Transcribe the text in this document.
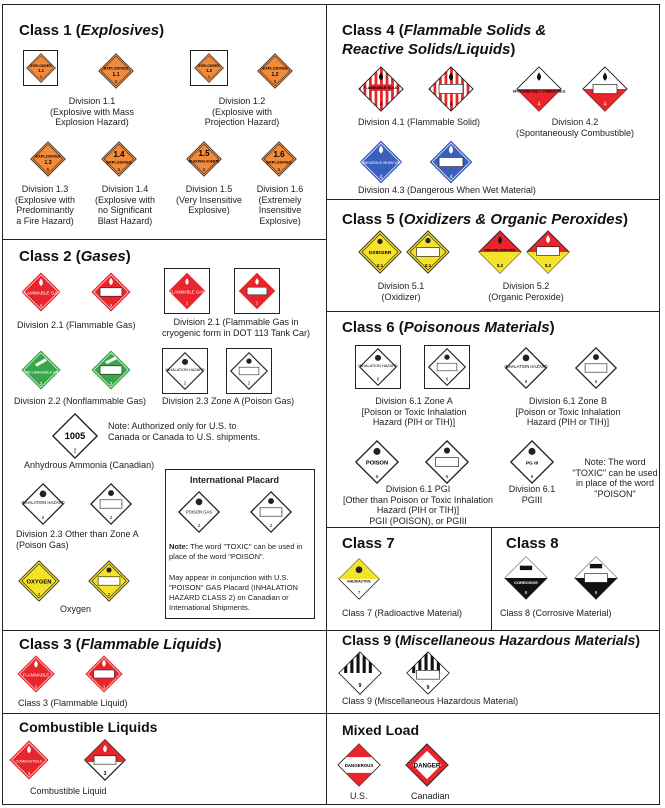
Class 1 (Explosives)
EXPLOSIVES
1.1
1
EXPLOSIVES
1.1
1
EXPLOSIVES
1.2
1
EXPLOSIVES
1.2
1
Division 1.1
(Explosive with Mass
Explosion Hazard)
Division 1.2
(Explosive with
Projection Hazard)
EXPLOSIVES
1.3
1
1.4
EXPLOSIVES
1
1.5
BLASTING AGENTS
1
1.6
EXPLOSIVES
1
Division 1.3
(Explosive with
Predominantly
a Fire Hazard)
Division 1.4
(Explosive with
no Significant
Blast Hazard)
Division 1.5
(Very Insensitive
Explosive)
Division 1.6
(Extremely
Insensitive
Explosive)
Class 2 (Gases)
FLAMMABLE GAS
2	2
FLAMMABLE GAS
2	2
Division 2.1 (Flammable Gas)	Division 2.1 (Flammable Gas in
cryogenic form in DOT 113 Tank Car)
NONFLAMMABLE GAS
2	2
INHALATION HAZARD
2	2
Division 2.2 (Nonflammable Gas) Division 2.3 Zone A (Poison Gas)
1005
2
Note: Authorized only for U.S. to
Canada or Canada to U.S. shipments.
Anhydrous Ammonia (Canadian)
INHALATION HAZARD
2	2
Division 2.3 Other than Zone A
(Poison Gas)
OXYGEN
2	2
Oxygen
International Placard
POISON GAS
2	2
Note: The word "TOXIC" can be used in place of the word "POISON".
May appear in conjunction with U.S. "POISON" GAS Placard (INHALATION HAZARD CLASS 2) on Canadian or International Shipments.
Class 3 (Flammable Liquids)
FLAMMABLE
3	3
Class 3 (Flammable Liquid)
Combustible Liquids
COMBUSTIBLE
3	3
Combustible Liquid
Class 4 (Flammable Solids &
Reactive Solids/Liquids)
FLAMMABLE SOLID
4	4
SPONTANEOUSLY COMBUSTIBLE
4	4
Division 4.1 (Flammable Solid)	Division 4.2
(Spontaneously Combustible)
DANGEROUS WHEN WET
4	4
Division 4.3 (Dangerous When Wet Material)
Class 5 (Oxidizers & Organic Peroxides)
OXIDIZER
5.1	5.1
ORGANIC PEROXIDE
5.2	5.2
Division 5.1
(Oxidizer)
Division 5.2
(Organic Peroxide)
Class 6 (Poisonous Materials)
INHALATION HAZARD
6	6
INHALATION HAZARD
6	6
Division 6.1 Zone A
[Poison or Toxic Inhalation
Hazard (PIH or TIH)]
Division 6.1 Zone B
[Poison or Toxic Inhalation
Hazard (PIH or TIH)]
POISON
6	6
PG III
6
Note: The word
"TOXIC" can be used
in place of the word
"POISON"
Division 6.1 PGI
[Other than Poison or Toxic Inhalation
Hazard (PIH or TIH)]
PGII (POISON), or PGIII
Division 6.1
PGIII
Class 7
RADIOACTIVE
7
Class 7 (Radioactive Material)
Class 8
CORROSIVE
8	8
Class 8 (Corrosive Material)
Class 9 (Miscellaneous Hazardous Materials)
9	9
Class 9 (Miscellaneous Hazardous Material)
Mixed Load
DANGEROUS	DANGER
U.S.	Canadian
